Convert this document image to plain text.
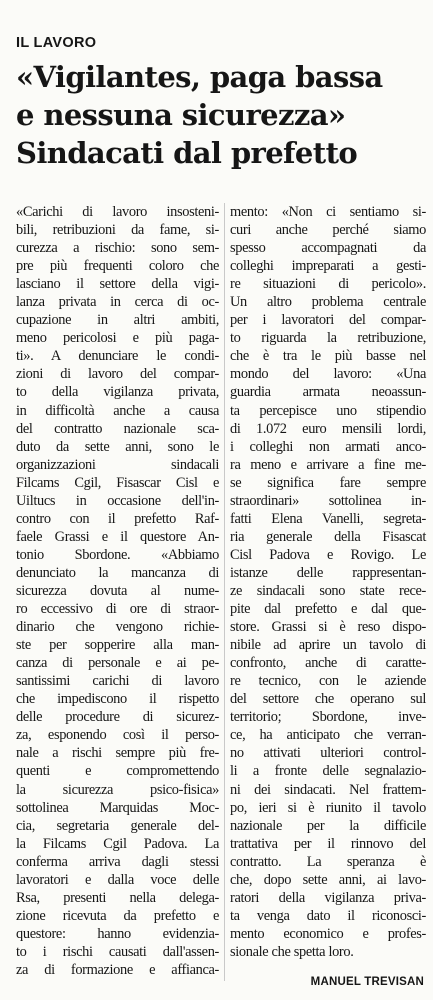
IL LAVORO
«Vigilantes, paga bassa
e nessuna sicurezza»
Sindacati dal prefetto
«Carichi di lavoro insosteni-
bili, retribuzioni da fame, si-
curezza a rischio: sono sem-
pre più frequenti coloro che
lasciano il settore della vigi-
lanza privata in cerca di oc-
cupazione in altri ambiti,
meno pericolosi e più paga-
ti». A denunciare le condi-
zioni di lavoro del compar-
to della vigilanza privata,
in difficoltà anche a causa
del contratto nazionale sca-
duto da sette anni, sono le
organizzazioni sindacali
Filcams Cgil, Fisascar Cisl e
Uiltucs in occasione dell'in-
contro con il prefetto Raf-
faele Grassi e il questore An-
tonio Sbordone. «Abbiamo
denunciato la mancanza di
sicurezza dovuta al nume-
ro eccessivo di ore di straor-
dinario che vengono richie-
ste per sopperire alla man-
canza di personale e ai pe-
santissimi carichi di lavoro
che impediscono il rispetto
delle procedure di sicurez-
za, esponendo così il perso-
nale a rischi sempre più fre-
quenti e compromettendo
la sicurezza psico-fisica»
sottolinea Marquidas Moc-
cia, segretaria generale del-
la Filcams Cgil Padova. La
conferma arriva dagli stessi
lavoratori e dalla voce delle
Rsa, presenti nella delega-
zione ricevuta da prefetto e
questore: hanno evidenzia-
to i rischi causati dall'assen-
za di formazione e affianca-
mento: «Non ci sentiamo si-
curi anche perché siamo
spesso accompagnati da
colleghi impreparati a gesti-
re situazioni di pericolo».
Un altro problema centrale
per i lavoratori del compar-
to riguarda la retribuzione,
che è tra le più basse nel
mondo del lavoro: «Una
guardia armata neoassun-
ta percepisce uno stipendio
di 1.072 euro mensili lordi,
i colleghi non armati anco-
ra meno e arrivare a fine me-
se significa fare sempre
straordinari» sottolinea in-
fatti Elena Vanelli, segreta-
ria generale della Fisascat
Cisl Padova e Rovigo. Le
istanze delle rappresentan-
ze sindacali sono state rece-
pite dal prefetto e dal que-
store. Grassi si è reso dispo-
nibile ad aprire un tavolo di
confronto, anche di caratte-
re tecnico, con le aziende
del settore che operano sul
territorio; Sbordone, inve-
ce, ha anticipato che verran-
no attivati ulteriori control-
li a fronte delle segnalazio-
ni dei sindacati. Nel frattem-
po, ieri si è riunito il tavolo
nazionale per la difficile
trattativa per il rinnovo del
contratto. La speranza è
che, dopo sette anni, ai lavo-
ratori della vigilanza priva-
ta venga dato il riconosci-
mento economico e profes-
sionale che spetta loro.
MANUEL TREVISAN
